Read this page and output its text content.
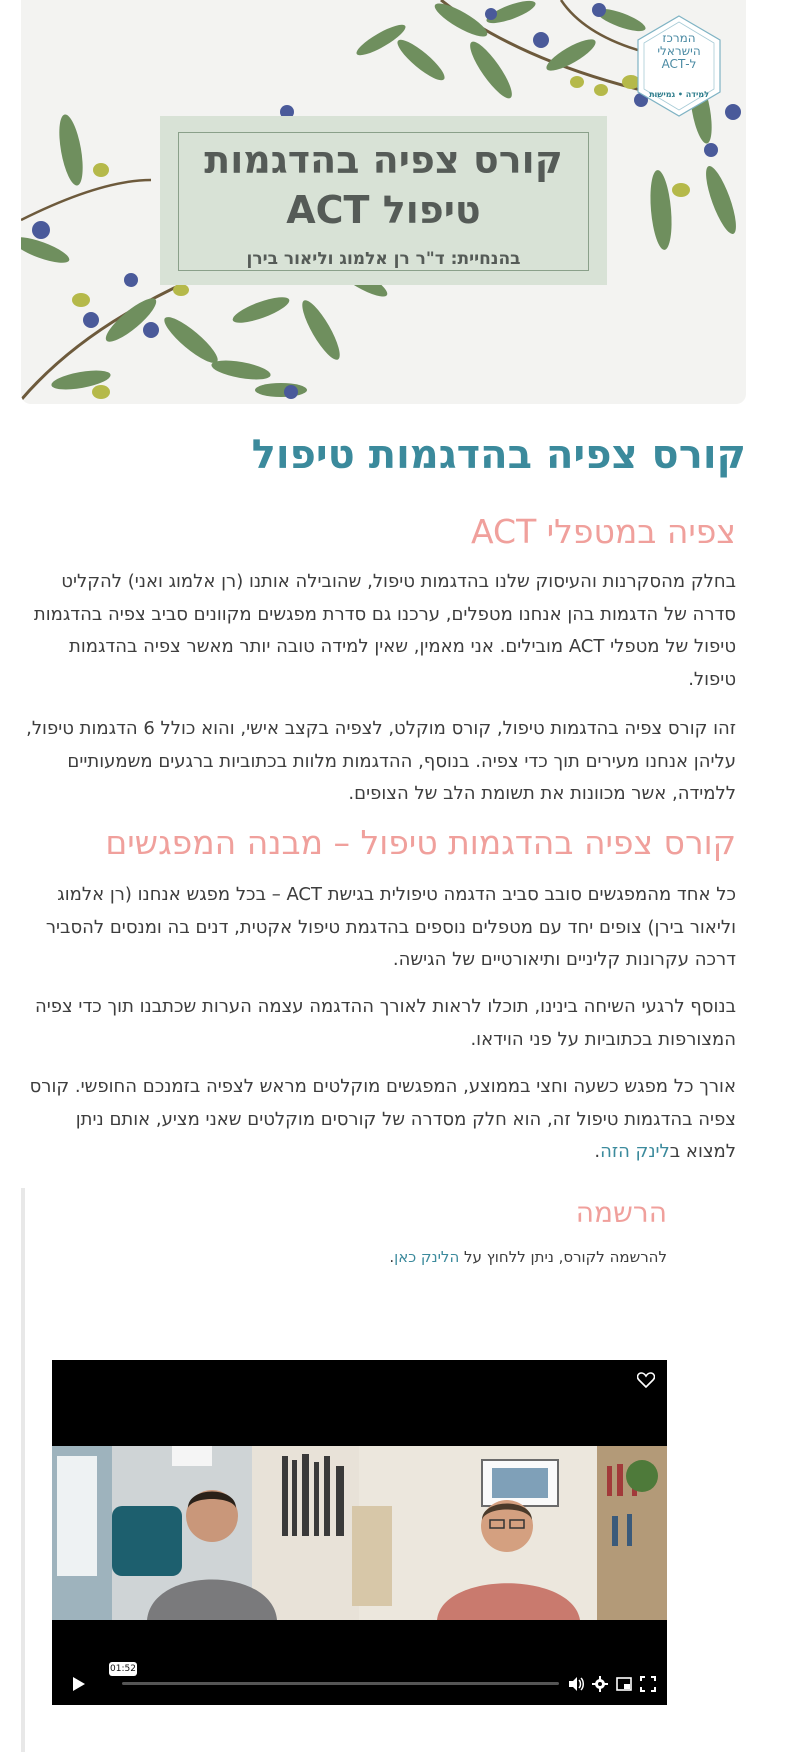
קורס צפיה בהדגמות טיפול ACT
בהנחיית: ד"ר רן אלמוג וליאור בירן
המרכז
הישראלי
ל-ACT
למידה • גמישות
קורס צפיה בהדגמות טיפול
צפיה במטפלי ACT
בחלק מהסקרנות והעיסוק שלנו בהדגמות טיפול, שהובילה אותנו (רן אלמוג ואני) להקליט סדרה של הדגמות בהן אנחנו מטפלים, ערכנו גם סדרת מפגשים מקוונים סביב צפיה בהדגמות טיפול של מטפלי ACT מובילים. אני מאמין, שאין למידה טובה יותר מאשר צפיה בהדגמות טיפול.
זהו קורס צפיה בהדגמות טיפול, קורס מוקלט, לצפיה בקצב אישי, והוא כולל 6 הדגמות טיפול, עליהן אנחנו מעירים תוך כדי צפיה. בנוסף, ההדגמות מלוות בכתוביות ברגעים משמעותיים ללמידה, אשר מכוונות את תשומת הלב של הצופים.
קורס צפיה בהדגמות טיפול – מבנה המפגשים
כל אחד מהמפגשים סובב סביב הדגמה טיפולית בגישת ACT – בכל מפגש אנחנו (רן אלמוג וליאור בירן) צופים יחד עם מטפלים נוספים בהדגמת טיפול אקטית, דנים בה ומנסים להסביר דרכה עקרונות קליניים ותיאורטיים של הגישה.
בנוסף לרגעי השיחה בינינו, תוכלו לראות לאורך ההדגמה עצמה הערות שכתבנו תוך כדי צפיה המצורפות בכתוביות על פני הוידאו.
אורך כל מפגש כשעה וחצי בממוצע, המפגשים מוקלטים מראש לצפיה בזמנכם החופשי. קורס צפיה בהדגמות טיפול זה, הוא חלק מסדרה של קורסים מוקלטים שאני מציע, אותם ניתן למצוא בלינק הזה.
הרשמה
להרשמה לקורס, ניתן ללחוץ על הלינק כאן.
01:52
